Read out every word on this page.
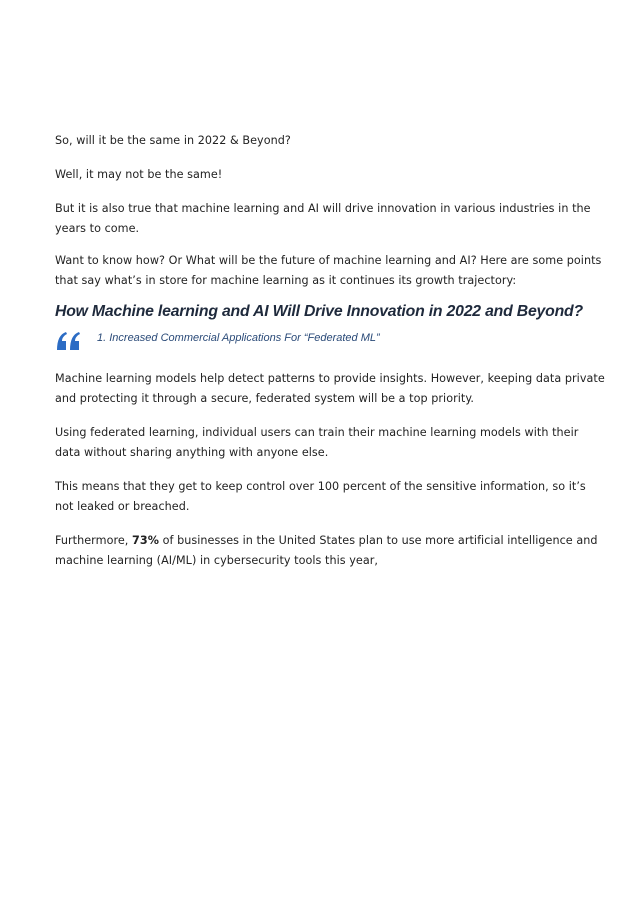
So, will it be the same in 2022 & Beyond?

Well, it may not be the same!

But it is also true that machine learning and AI will drive innovation in various industries in the years to come.

Want to know how? Or What will be the future of machine learning and AI? Here are some points that say what’s in store for machine learning as it continues its growth trajectory:

How Machine learning and AI Will Drive Innovation in 2022 and Beyond?
1. Increased Commercial Applications For “Federated ML”

Machine learning models help detect patterns to provide insights. However, keeping data private and protecting it through a secure, federated system will be a top priority.

Using federated learning, individual users can train their machine learning models with their data without sharing anything with anyone else.

This means that they get to keep control over 100 percent of the sensitive information, so it’s not leaked or breached.

Furthermore, 73% of businesses in the United States plan to use more artificial intelligence and machine learning (AI/ML) in cybersecurity tools this year,
